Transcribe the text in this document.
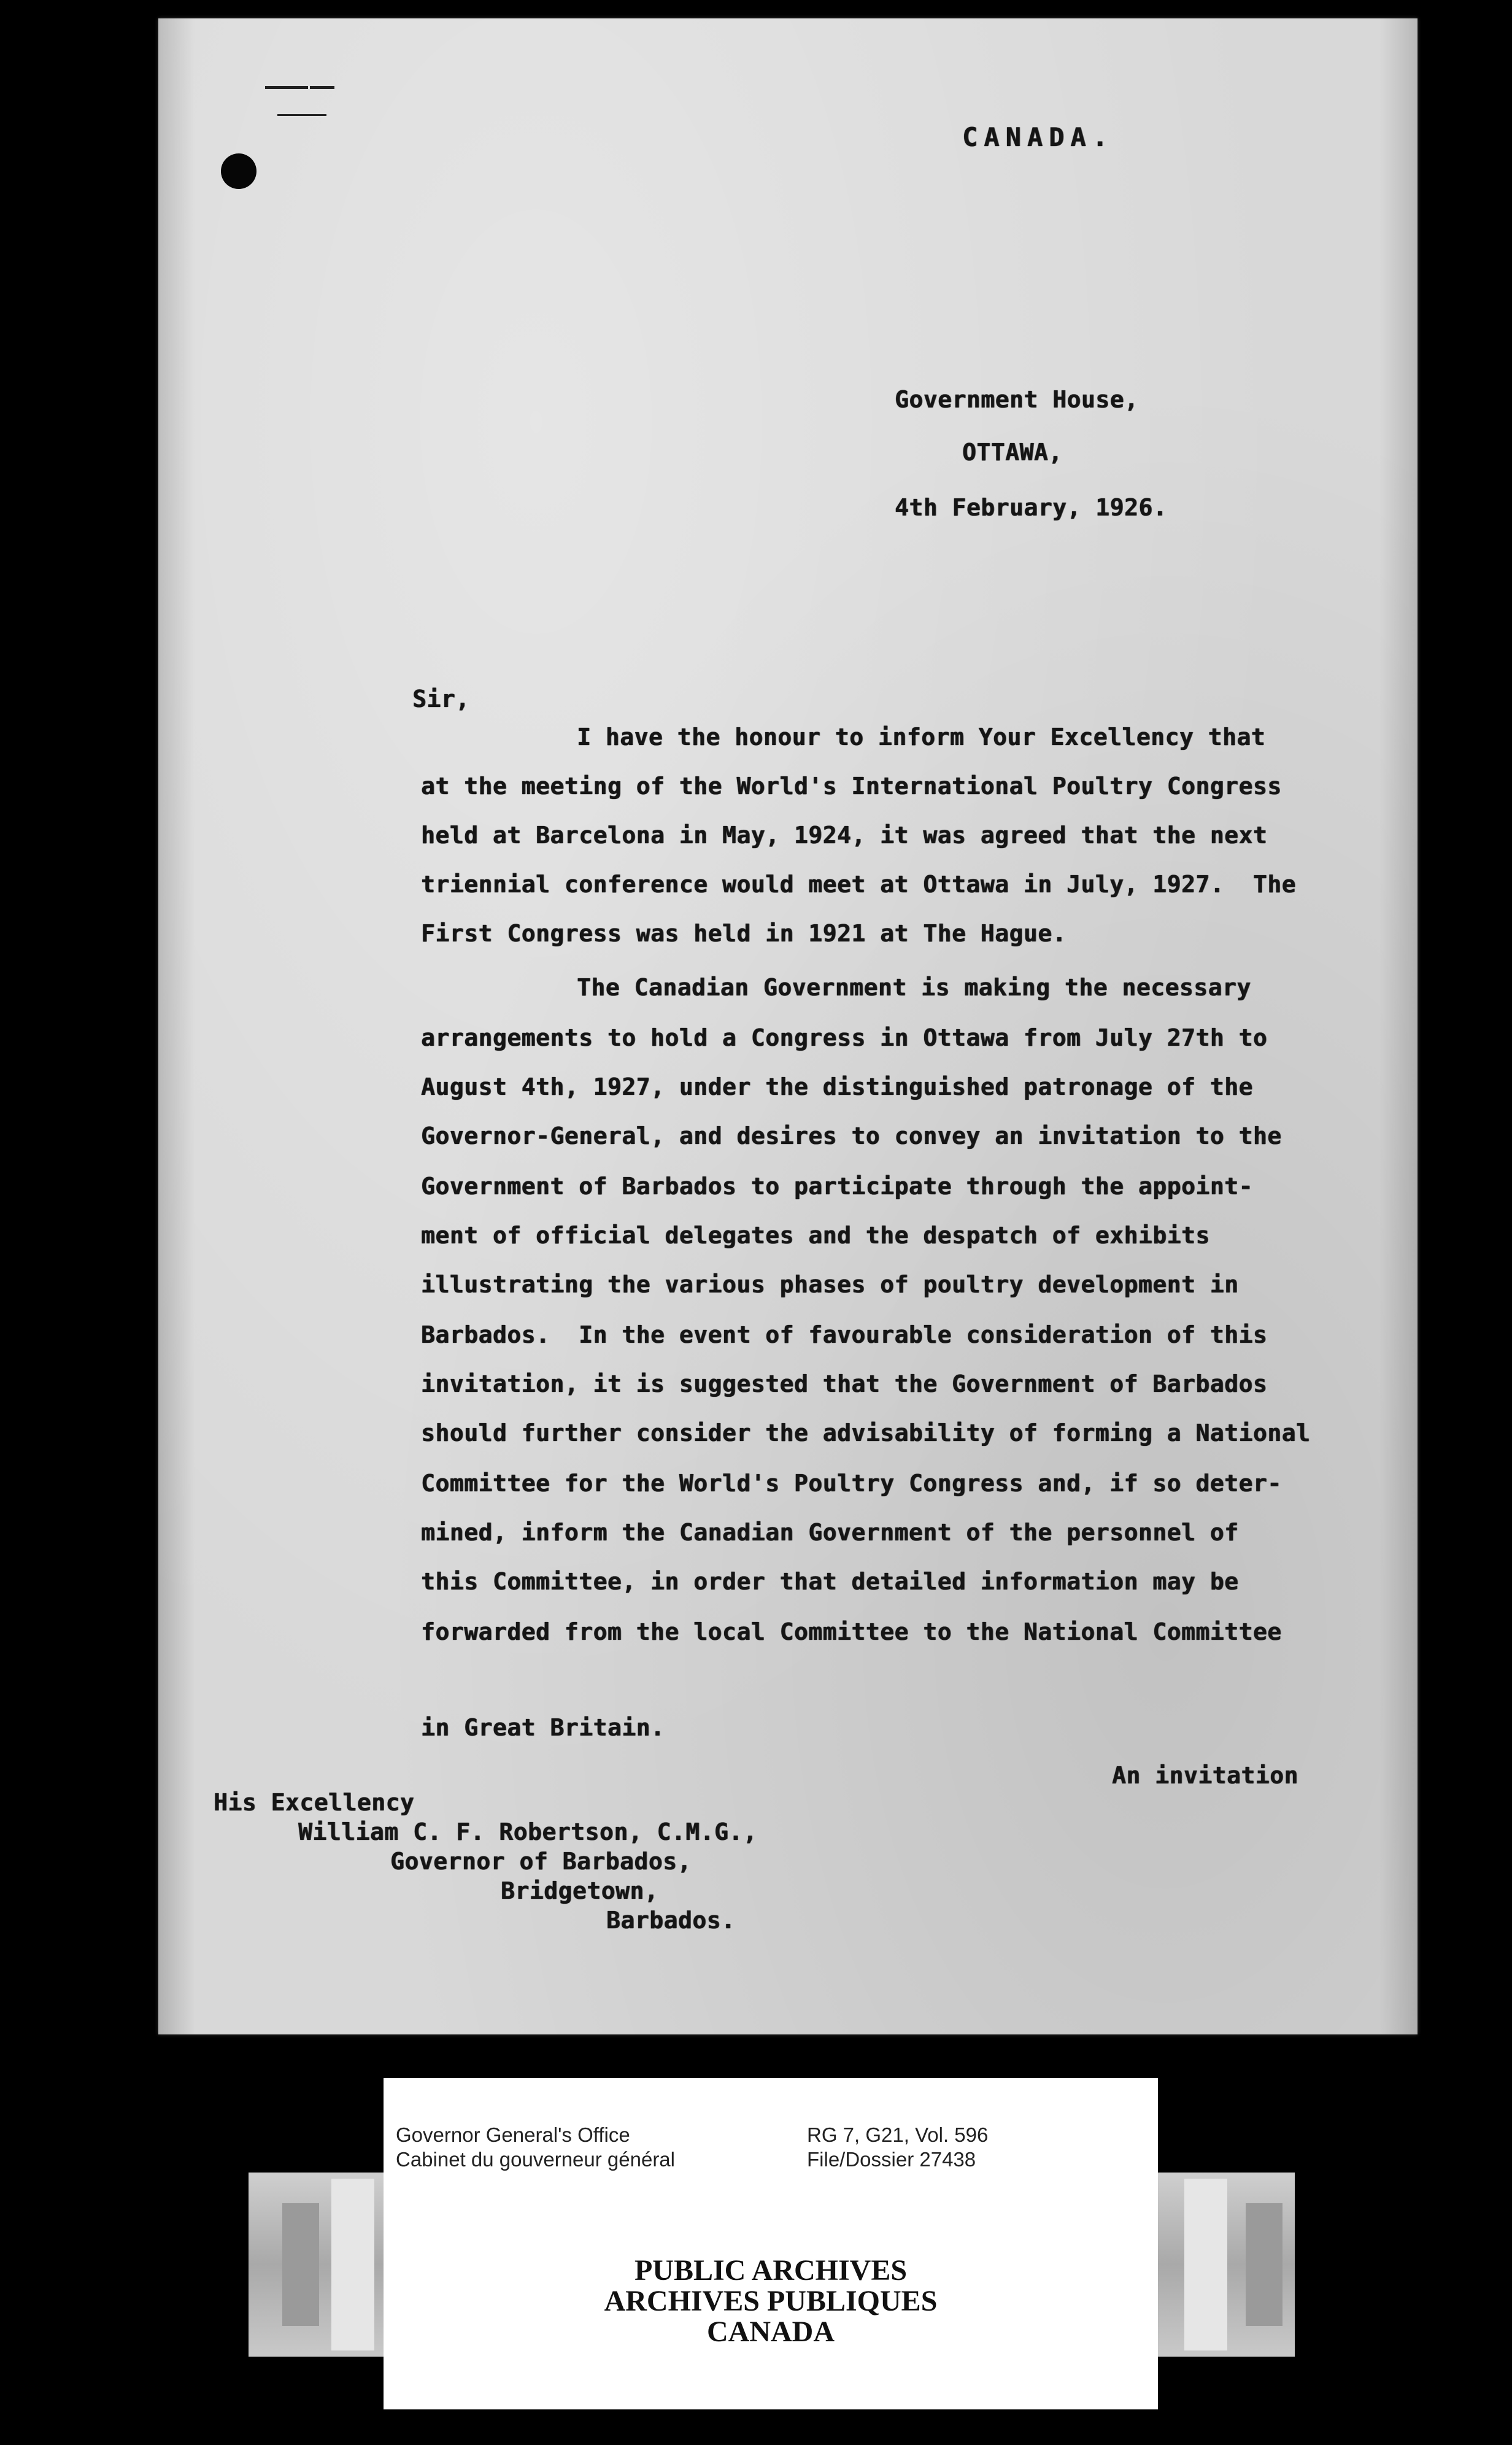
CANADA.
Government House,
OTTAWA,
4th February, 1926.
Sir,
I have the honour to inform Your Excellency that
at the meeting of the World's International Poultry Congress
held at Barcelona in May, 1924, it was agreed that the next
triennial conference would meet at Ottawa in July, 1927.  The
First Congress was held in 1921 at The Hague.
The Canadian Government is making the necessary
arrangements to hold a Congress in Ottawa from July 27th to
August 4th, 1927, under the distinguished patronage of the
Governor-General, and desires to convey an invitation to the
Government of Barbados to participate through the appoint-
ment of official delegates and the despatch of exhibits
illustrating the various phases of poultry development in
Barbados.  In the event of favourable consideration of this
invitation, it is suggested that the Government of Barbados
should further consider the advisability of forming a National
Committee for the World's Poultry Congress and, if so deter-
mined, inform the Canadian Government of the personnel of
this Committee, in order that detailed information may be
forwarded from the local Committee to the National Committee
in Great Britain.
An invitation
His Excellency
William C. F. Robertson, C.M.G.,
Governor of Barbados,
Bridgetown,
Barbados.
Governor General's Office
Cabinet du gouverneur général
RG 7, G21, Vol. 596
File/Dossier 27438
PUBLIC ARCHIVES
ARCHIVES PUBLIQUES
CANADA
